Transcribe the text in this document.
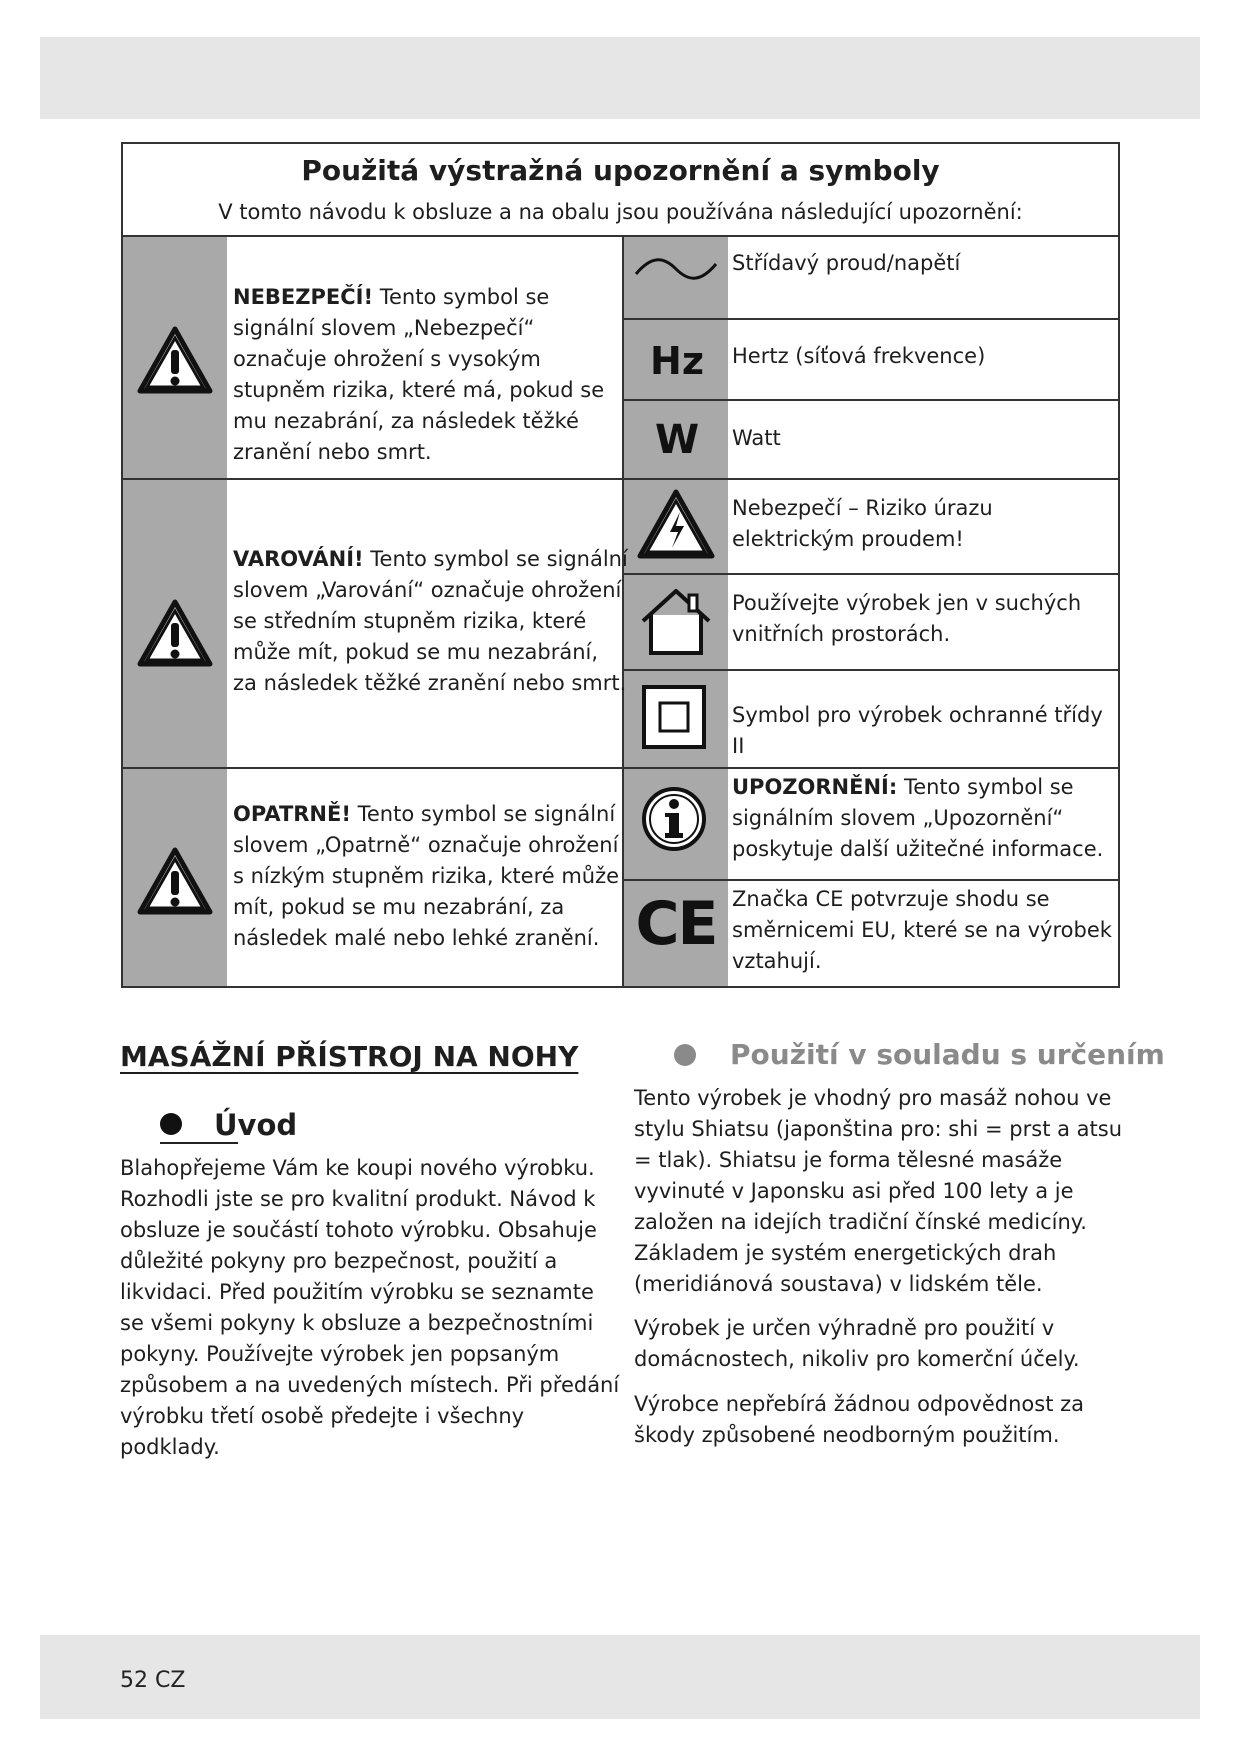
Použitá výstražná upozornění a symboly
V tomto návodu k obsluze a na obalu jsou používána následující upozornění:
NEBEZPEČÍ! Tento symbol se signální slovem „Nebezpečí“ označuje ohrožení s vysokým stupněm rizika, které má, pokud se mu nezabrání, za následek těžké zranění nebo smrt.
VAROVÁNÍ! Tento symbol se signální slovem „Varování“ označuje ohrožení se středním stupněm rizika, které může mít, pokud se mu nezabrání, za následek těžké zranění nebo smrt.
OPATRNĚ! Tento symbol se signální slovem „Opatrně“ označuje ohrožení s nízkým stupněm rizika, které může mít, pokud se mu nezabrání, za následek malé nebo lehké zranění.
Střídavý proud/napětí
Hz	Hertz (síťová frekvence)
W	Watt
Nebezpečí – Riziko úrazu elektrickým proudem!
Používejte výrobek jen v suchých vnitřních prostorách.
Symbol pro výrobek ochranné třídy II
UPOZORNĚNÍ: Tento symbol se signálním slovem „Upozornění“ poskytuje další užitečné informace.
CE Značka CE potvrzuje shodu se směrnicemi EU, které se na výrobek vztahují.
MASÁŽNÍ PŘÍSTROJ NA NOHY
Úvod
Blahopřejeme Vám ke koupi nového výrobku. Rozhodli jste se pro kvalitní produkt. Návod k obsluze je součástí tohoto výrobku. Obsahuje důležité pokyny pro bezpečnost, použití a likvidaci. Před použitím výrobku se seznamte se všemi pokyny k obsluze a bezpečnostními pokyny. Používejte výrobek jen popsaným způsobem a na uvedených místech. Při předání výrobku třetí osobě předejte i všechny podklady.
Použití v souladu s určením
Tento výrobek je vhodný pro masáž nohou ve stylu Shiatsu (japonština pro: shi = prst a atsu = tlak). Shiatsu je forma tělesné masáže vyvinuté v Japonsku asi před 100 lety a je založen na idejích tradiční čínské medicíny. Základem je systém energetických drah (meridiánová soustava) v lidském těle.
Výrobek je určen výhradně pro použití v domácnostech, nikoliv pro komerční účely.
Výrobce nepřebírá žádnou odpovědnost za škody způsobené neodborným použitím.
52 CZ
